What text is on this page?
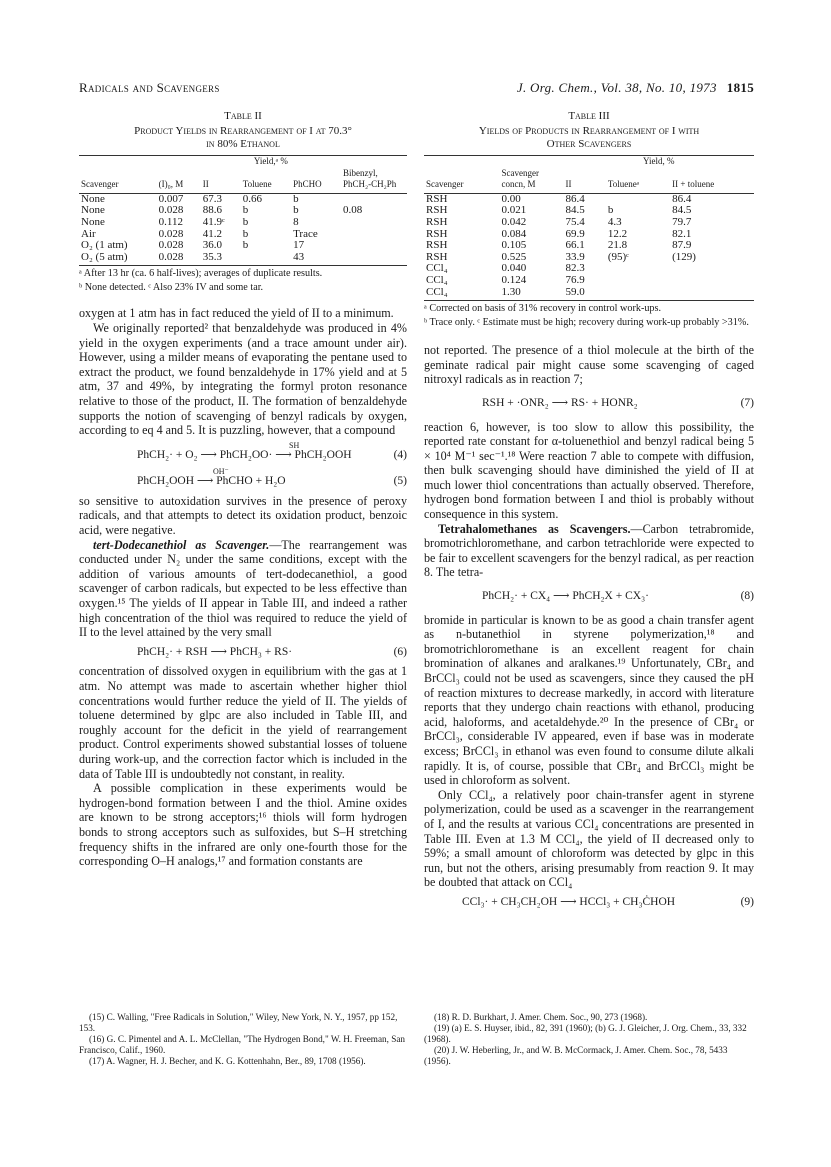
Radicals and Scavengers	J. Org. Chem., Vol. 38, No. 10, 1973 1815
Table II
Product Yields in Rearrangement of I at 70.3°
in 80% Ethanol
		Yield,ᵃ %			
Scavenger	(I)₀, M	II	Toluene	PhCHO	Bibenzyl, PhCH₂-CH₂Ph
None	0.007	67.3	0.66	b	
None	0.028	88.6	b	b	0.08
None	0.112	41.9ᶜ	b	8	
Air	0.028	41.2	b	Trace	
O₂ (1 atm)	0.028	36.0	b	17	
O₂ (5 atm)	0.028	35.3		43	
ᵃ After 13 hr (ca. 6 half-lives); averages of duplicate results.
ᵇ None detected. ᶜ Also 23% IV and some tar.

oxygen at 1 atm has in fact reduced the yield of II to a minimum.

We originally reported² that benzaldehyde was produced in 4% yield in the oxygen experiments (and a trace amount under air). However, using a milder means of evaporating the pentane used to extract the product, we found benzaldehyde in 17% yield and at 5 atm, 37 and 49%, by integrating the formyl proton resonance relative to those of the product, II. The formation of benzaldehyde supports the notion of scavenging of benzyl radicals by oxygen, according to eq 4 and 5. It is puzzling, however, that a compound

SH
PhCH₂· + O₂ ⟶ PhCH₂OO· ⟶ PhCH₂OOH	(4)
OH⁻
PhCH₂OOH ⟶ PhCHO + H₂O	(5)

so sensitive to autoxidation survives in the presence of peroxy radicals, and that attempts to detect its oxidation product, benzoic acid, were negative.

tert-Dodecanethiol as Scavenger.—The rearrangement was conducted under N₂ under the same conditions, except with the addition of various amounts of tert-dodecanethiol, a good scavenger of carbon radicals, but expected to be less effective than oxygen.¹⁵ The yields of II appear in Table III, and indeed a rather high concentration of the thiol was required to reduce the yield of II to the level attained by the very small

PhCH₂· + RSH ⟶ PhCH₃ + RS·	(6)

concentration of dissolved oxygen in equilibrium with the gas at 1 atm. No attempt was made to ascertain whether higher thiol concentrations would further reduce the yield of II. The yields of toluene determined by glpc are also included in Table III, and roughly account for the deficit in the yield of rearrangement product. Control experiments showed substantial losses of toluene during work-up, and the correction factor which is included in the data of Table III is undoubtedly not constant, in reality.

A possible complication in these experiments would be hydrogen-bond formation between I and the thiol. Amine oxides are known to be strong acceptors;¹⁶ thiols will form hydrogen bonds to strong acceptors such as sulfoxides, but S–H stretching frequency shifts in the infrared are only one-fourth those for the corresponding O–H analogs,¹⁷ and formation constants are

Table III
Yields of Products in Rearrangement of I with
Other Scavengers
		Yield, %		
Scavenger	Scavenger concn, M	II	Tolueneᵃ	II + toluene
RSH	0.00	86.4		86.4
RSH	0.021	84.5	b	84.5
RSH	0.042	75.4	4.3	79.7
RSH	0.084	69.9	12.2	82.1
RSH	0.105	66.1	21.8	87.9
RSH	0.525	33.9	(95)ᶜ	(129)
CCl₄	0.040	82.3		
CCl₄	0.124	76.9		
CCl₄	1.30	59.0		
ᵃ Corrected on basis of 31% recovery in control work-ups.
ᵇ Trace only. ᶜ Estimate must be high; recovery during work-up probably >31%.

not reported. The presence of a thiol molecule at the birth of the geminate radical pair might cause some scavenging of caged nitroxyl radicals as in reaction 7;

RSH + ·ONR₂ ⟶ RS· + HONR₂	(7)

reaction 6, however, is too slow to allow this possibility, the reported rate constant for α-toluenethiol and benzyl radical being 5 × 10⁴ M⁻¹ sec⁻¹.¹⁸ Were reaction 7 able to compete with diffusion, then bulk scavenging should have diminished the yield of II at much lower thiol concentrations than actually observed. Therefore, hydrogen bond formation between I and thiol is probably without consequence in this system.

Tetrahalomethanes as Scavengers.—Carbon tetrabromide, bromotrichloromethane, and carbon tetrachloride were expected to be fair to excellent scavengers for the benzyl radical, as per reaction 8. The tetra-

PhCH₂· + CX₄ ⟶ PhCH₂X + CX₃·	(8)

bromide in particular is known to be as good a chain transfer agent as n-butanethiol in styrene polymerization,¹⁸ and bromotrichloromethane is an excellent reagent for chain bromination of alkanes and aralkanes.¹⁹ Unfortunately, CBr₄ and BrCCl₃ could not be used as scavengers, since they caused the pH of reaction mixtures to decrease markedly, in accord with literature reports that they undergo chain reactions with ethanol, producing acid, haloforms, and acetaldehyde.²⁰ In the presence of CBr₄ or BrCCl₃, considerable IV appeared, even if base was in moderate excess; BrCCl₃ in ethanol was even found to consume dilute alkali rapidly. It is, of course, possible that CBr₄ and BrCCl₃ might be used in chloroform as solvent.

Only CCl₄, a relatively poor chain-transfer agent in styrene polymerization, could be used as a scavenger in the rearrangement of I, and the results at various CCl₄ concentrations are presented in Table III. Even at 1.3 M CCl₄, the yield of II decreased only to 59%; a small amount of chloroform was detected by glpc in this run, but not the others, arising presumably from reaction 9. It may be doubted that attack on CCl₄

CCl₃· + CH₃CH₂OH ⟶ HCCl₃ + CH₃ĊHOH	(9)

(15) C. Walling, "Free Radicals in Solution," Wiley, New York, N. Y., 1957, pp 152, 153.

(16) G. C. Pimentel and A. L. McClellan, "The Hydrogen Bond," W. H. Freeman, San Francisco, Calif., 1960.

(17) A. Wagner, H. J. Becher, and K. G. Kottenhahn, Ber., 89, 1708 (1956).

(18) R. D. Burkhart, J. Amer. Chem. Soc., 90, 273 (1968).

(19) (a) E. S. Huyser, ibid., 82, 391 (1960); (b) G. J. Gleicher, J. Org. Chem., 33, 332 (1968).

(20) J. W. Heberling, Jr., and W. B. McCormack, J. Amer. Chem. Soc., 78, 5433 (1956).
